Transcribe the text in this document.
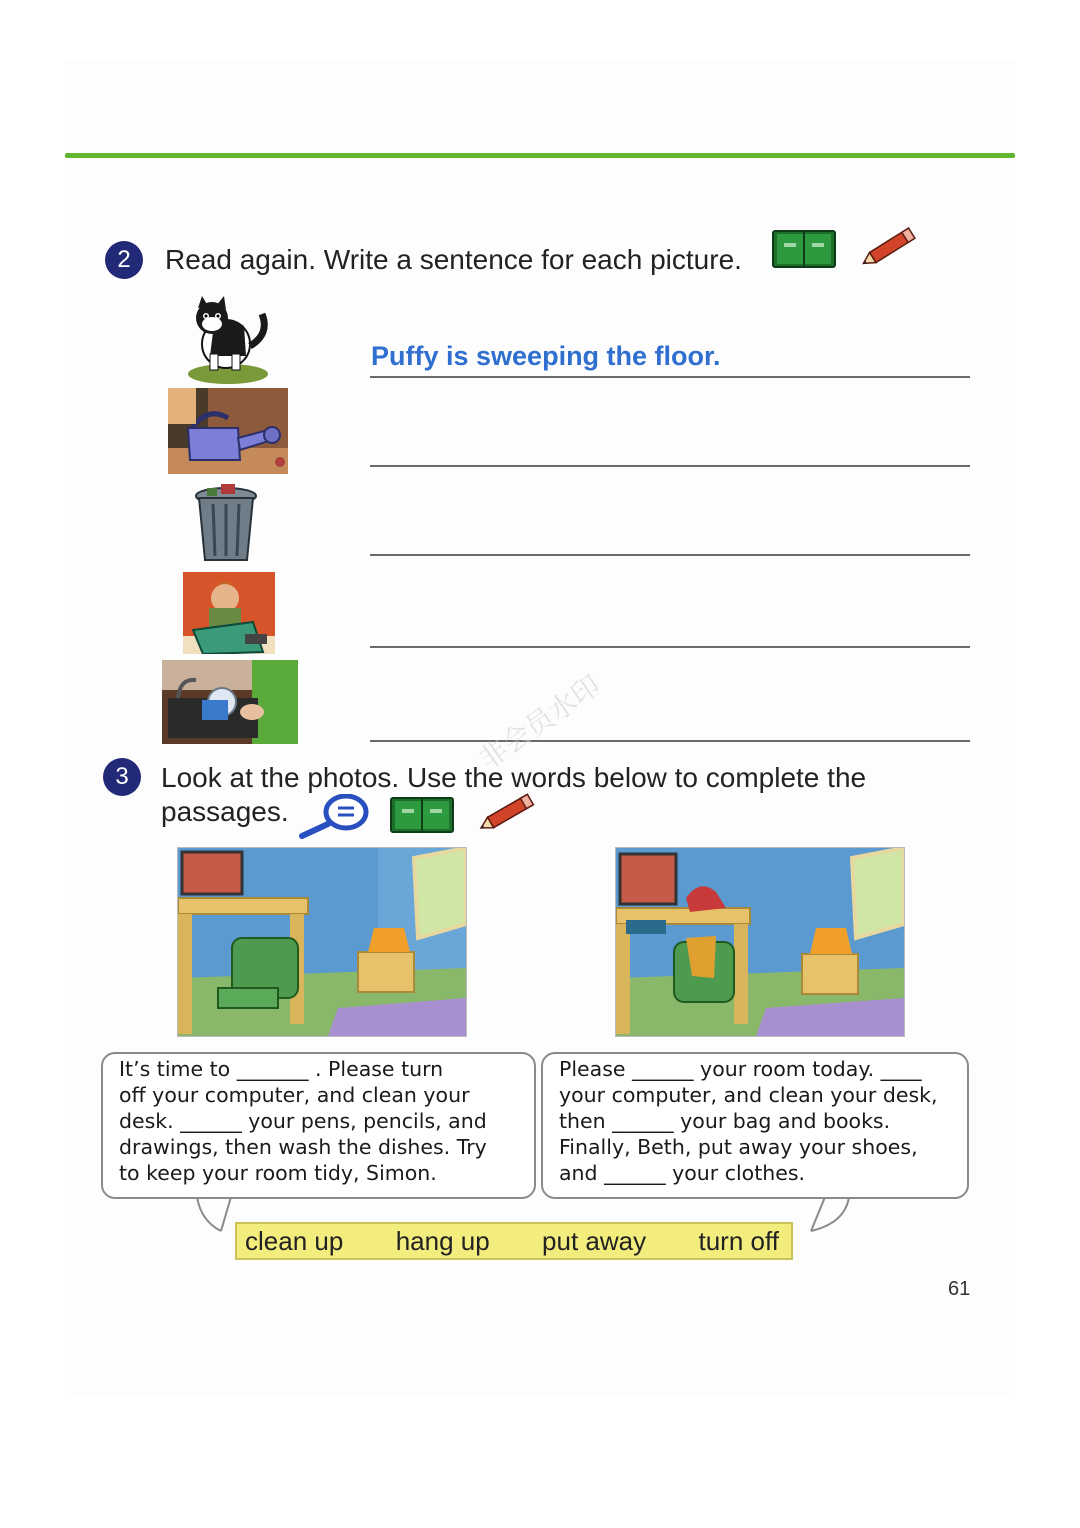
2	Read again. Write a sentence for each picture.
Puffy is sweeping the floor.
3	Look at the photos. Use the words below to complete the
passages.
It’s time to _______ . Please turn
off your computer, and clean your
desk. ______ your pens, pencils, and
drawings, then wash the dishes. Try
to keep your room tidy, Simon.
Please ______ your room today. ____
your computer, and clean your desk,
then ______ your bag and books.
Finally, Beth, put away your shoes,
and ______ your clothes.
clean up hang up put away turn off
61
非会员水印
